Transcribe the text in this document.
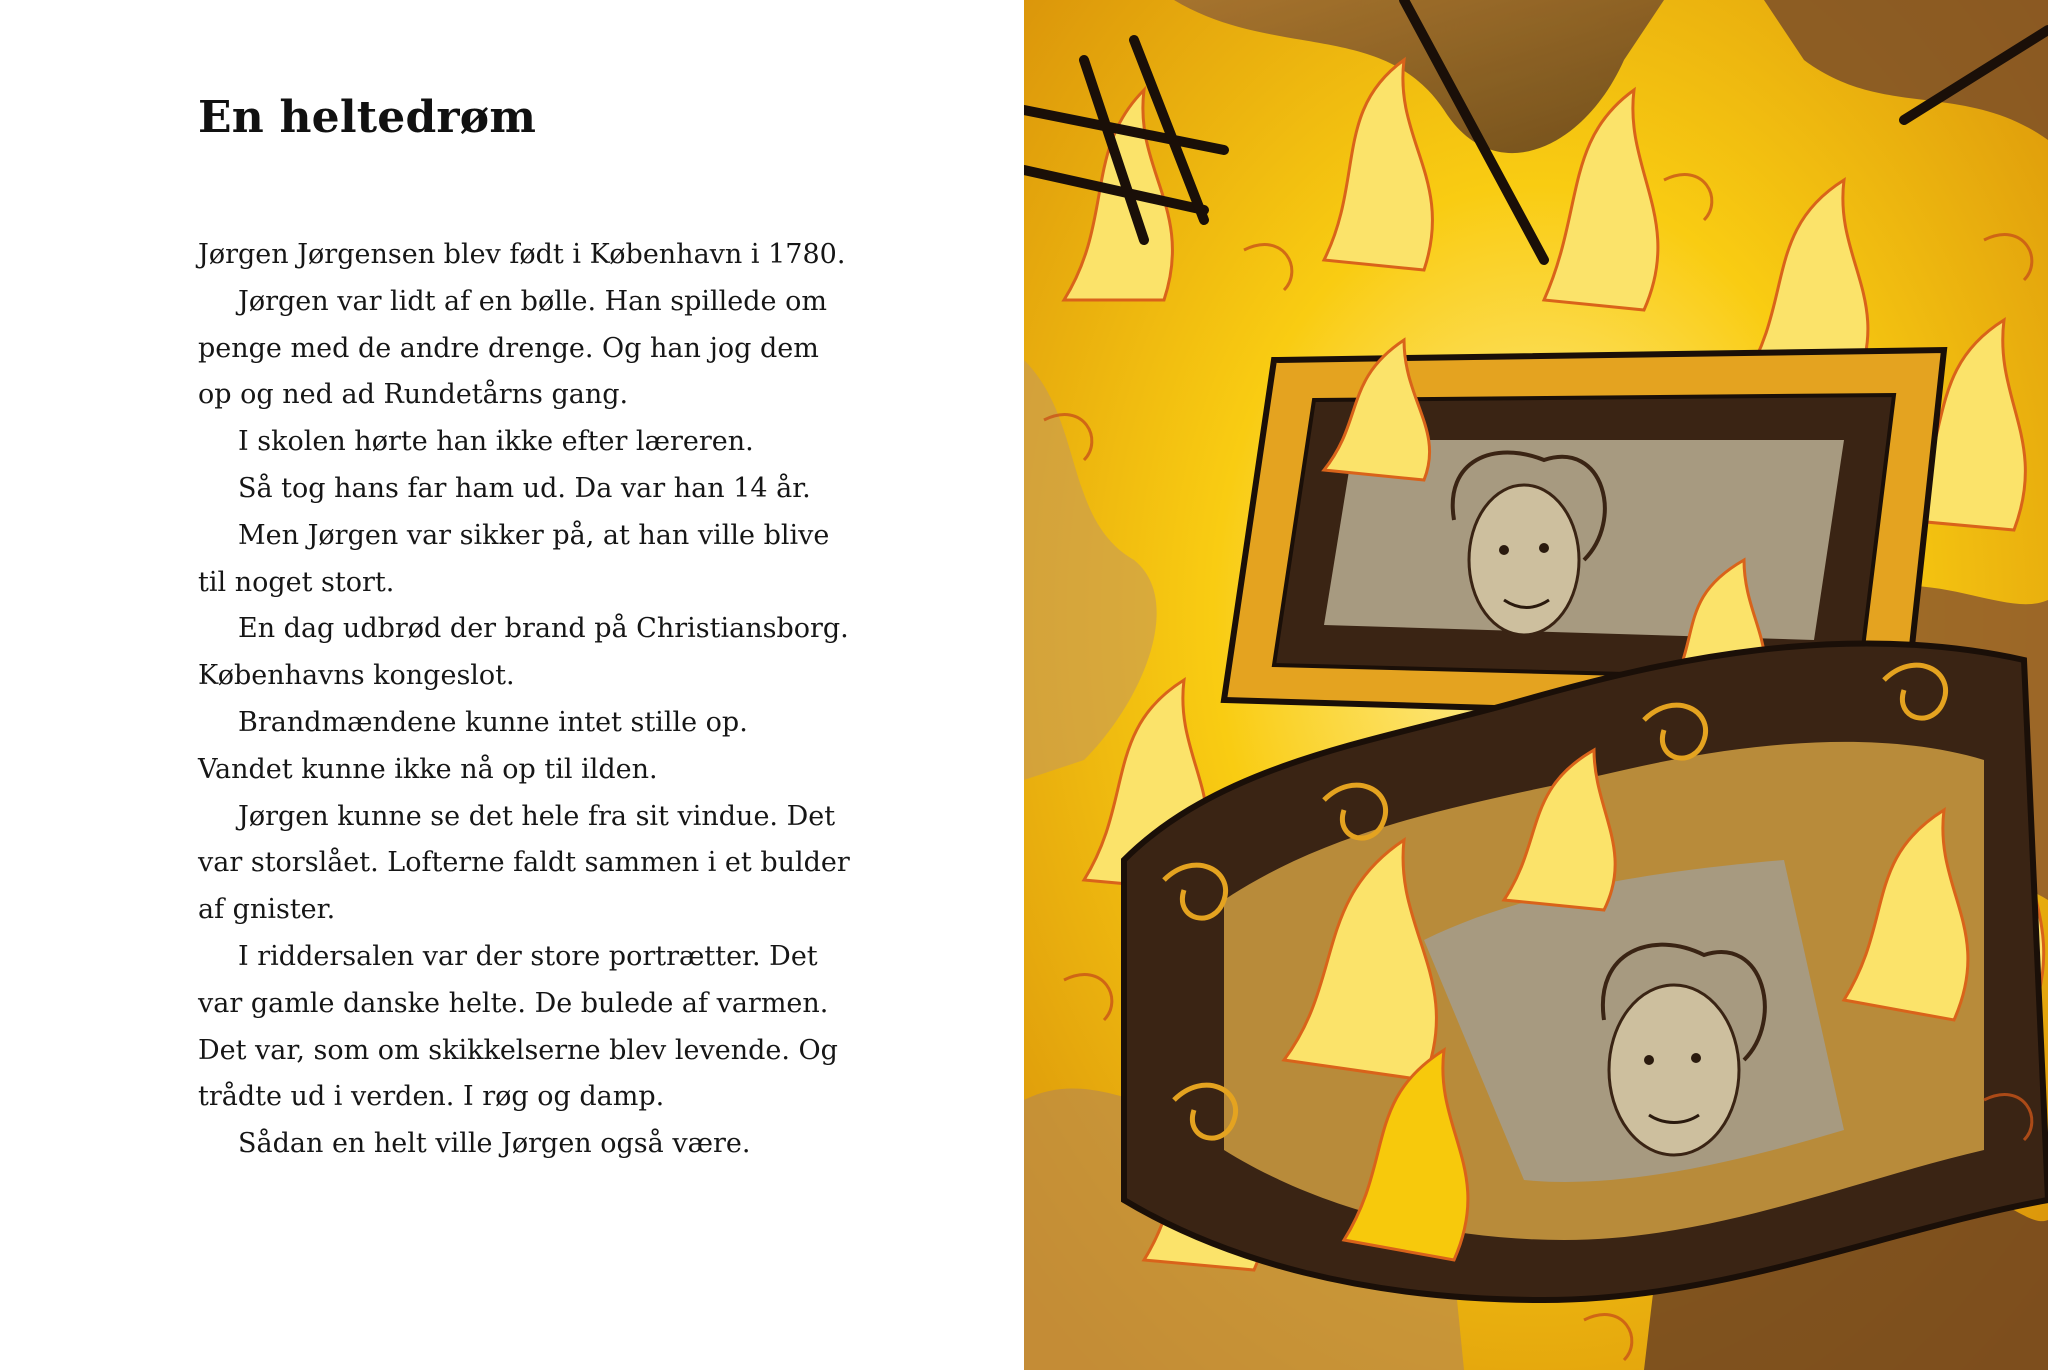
En heltedrøm
Jørgen Jørgensen blev født i København i 1780.
Jørgen var lidt af en bølle. Han spillede om
penge med de andre drenge. Og han jog dem
op og ned ad Rundetårns gang.
I skolen hørte han ikke efter læreren.
Så tog hans far ham ud. Da var han 14 år.
Men Jørgen var sikker på, at han ville blive
til noget stort.
En dag udbrød der brand på Christiansborg.
Københavns kongeslot.
Brandmændene kunne intet stille op.
Vandet kunne ikke nå op til ilden.
Jørgen kunne se det hele fra sit vindue. Det
var storslået. Lofterne faldt sammen i et bulder
af gnister.
I riddersalen var der store portrætter. Det
var gamle danske helte. De bulede af varmen.
Det var, som om skikkelserne blev levende. Og
trådte ud i verden. I røg og damp.
Sådan en helt ville Jørgen også være.
